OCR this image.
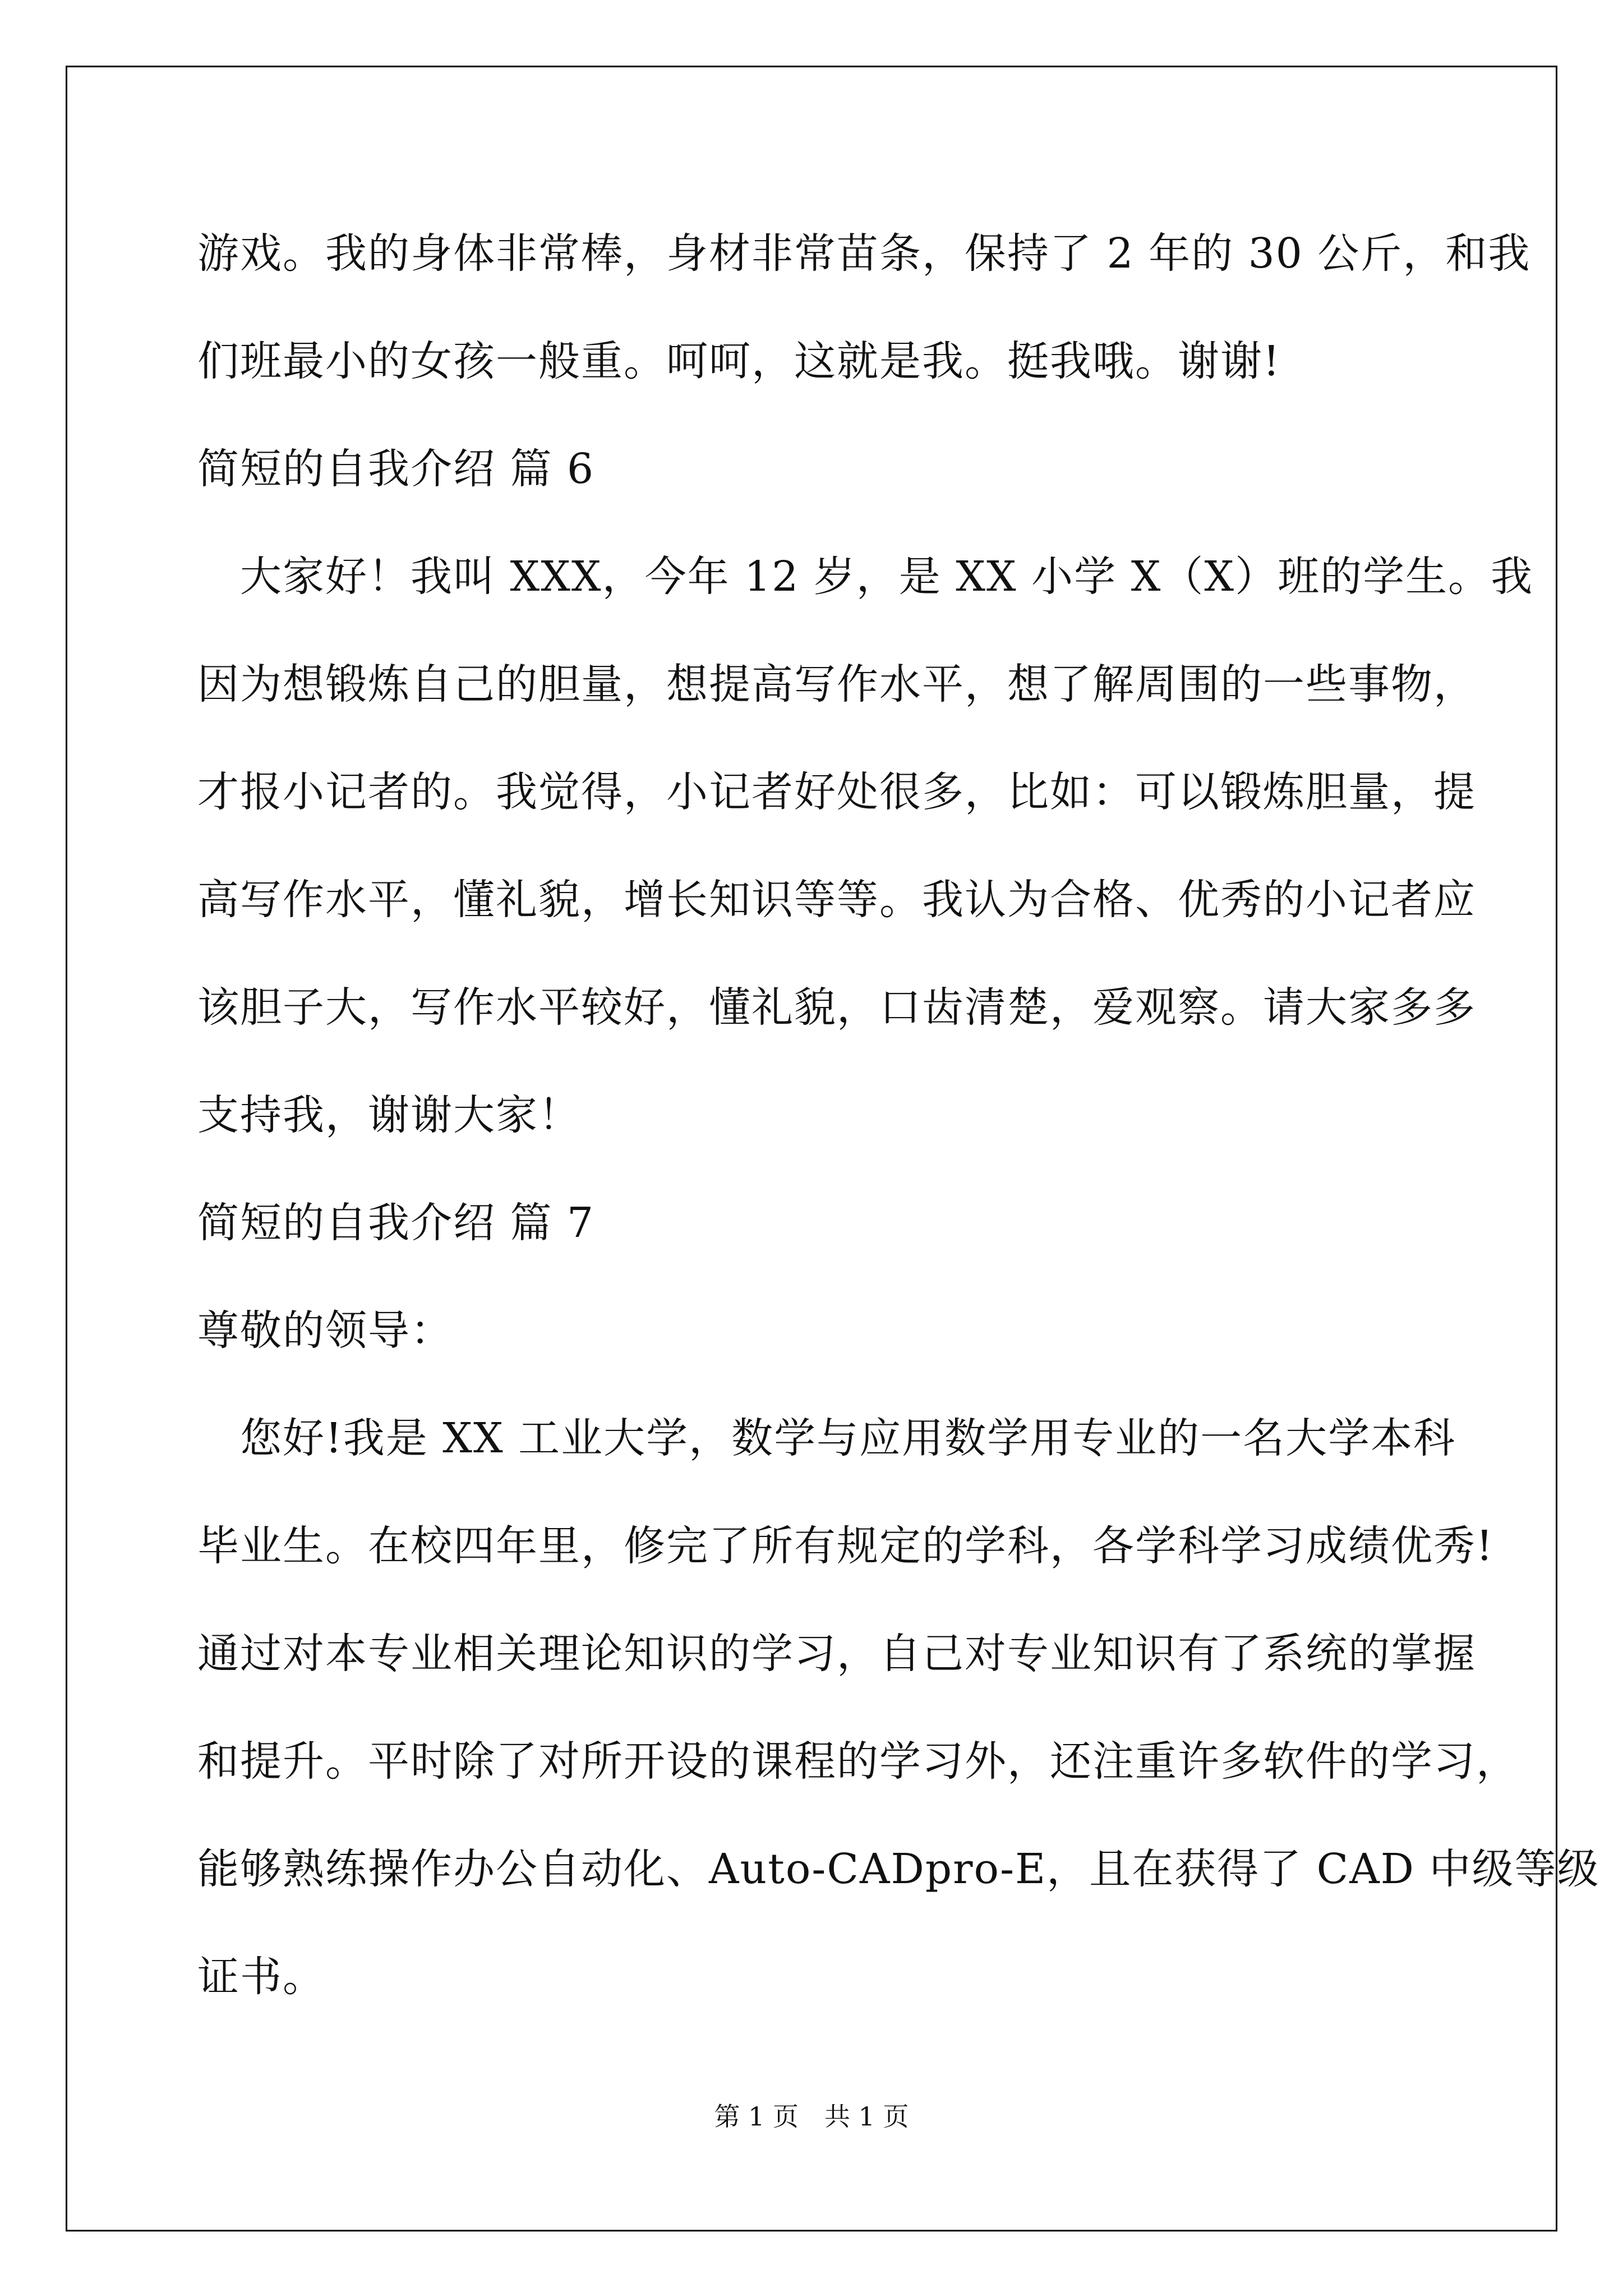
游戏。我的身体非常棒，身材非常苗条，保持了 2 年的 30 公斤，和我
们班最小的女孩一般重。呵呵，这就是我。挺我哦。谢谢!
简短的自我介绍 篇 6
　大家好！我叫 XXX，今年 12 岁，是 XX 小学 X（X）班的学生。我
因为想锻炼自己的胆量，想提高写作水平，想了解周围的一些事物，
才报小记者的。我觉得，小记者好处很多，比如：可以锻炼胆量，提
高写作水平，懂礼貌，增长知识等等。我认为合格、优秀的小记者应
该胆子大，写作水平较好，懂礼貌，口齿清楚，爱观察。请大家多多
支持我，谢谢大家！
简短的自我介绍 篇 7
尊敬的领导：
　您好!我是 XX 工业大学，数学与应用数学用专业的一名大学本科
毕业生。在校四年里，修完了所有规定的学科，各学科学习成绩优秀!
通过对本专业相关理论知识的学习，自己对专业知识有了系统的掌握
和提升。平时除了对所开设的课程的学习外，还注重许多软件的学习，
能够熟练操作办公自动化、Auto-CADpro-E，且在获得了 CAD 中级等级
证书。
第 1 页　共 1 页
